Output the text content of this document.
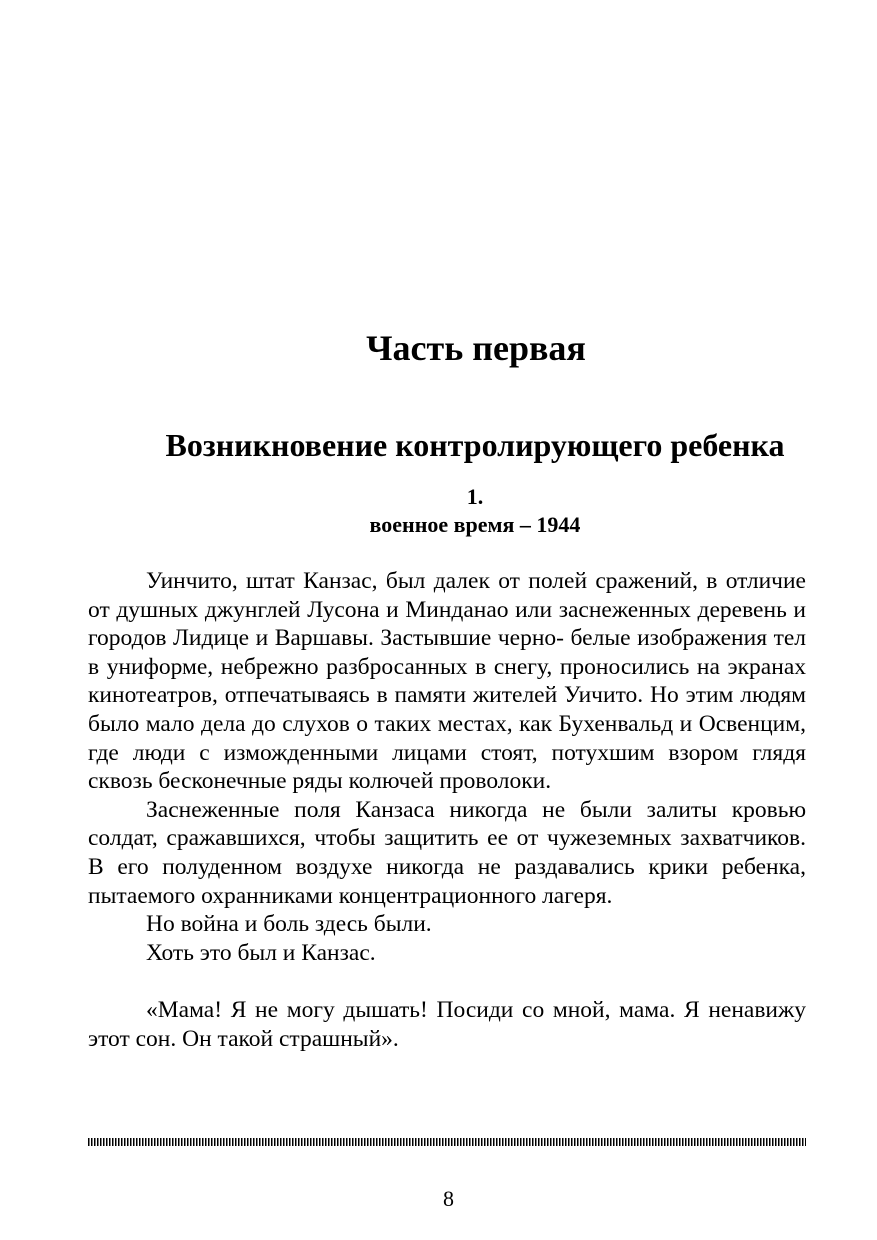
Часть первая
Возникновение контролирующего ребенка
1.
военное время – 1944

Уинчито, штат Канзас, был далек от полей сражений, в отличие от душных джунглей Лусона и Минданао или заснеженных деревень и городов Лидице и Варшавы. Застывшие черно- белые изображения тел в униформе, небрежно разбросанных в снегу, проносились на экранах кинотеатров, отпечатываясь в памяти жителей Уичито. Но этим людям было мало дела до слухов о таких местах, как Бухенвальд и Освенцим, где люди с изможденными лицами стоят, потухшим взором глядя сквозь бесконечные ряды колючей проволоки.

Заснеженные поля Канзаса никогда не были залиты кровью солдат, сражавшихся, чтобы защитить ее от чужеземных захватчиков. В его полуденном воздухе никогда не раздавались крики ребенка, пытаемого охранниками концентрационного лагеря.

Но война и боль здесь были.

Хоть это был и Канзас.

«Мама! Я не могу дышать! Посиди со мной, мама. Я ненавижу этот сон. Он такой страшный».

8
